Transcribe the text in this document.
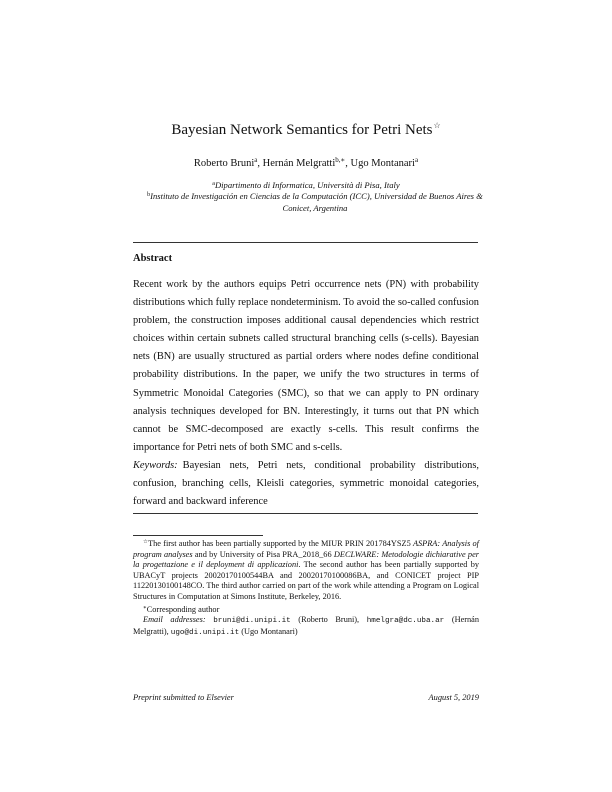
Bayesian Network Semantics for Petri Nets☆
Roberto Bruni$^a$, Hernán Melgratti$^{b,∗}$, Ugo Montanari$^a$
$^a$Dipartimento di Informatica, Università di Pisa, Italy
$^b$Instituto de Investigación en Ciencias de la Computación (ICC), Universidad de Buenos Aires & Conicet, Argentina
Abstract

Recent work by the authors equips Petri occurrence nets (PN) with probability distributions which fully replace nondeterminism. To avoid the so-called confusion problem, the construction imposes additional causal dependencies which restrict choices within certain subnets called structural branching cells (s-cells). Bayesian nets (BN) are usually structured as partial orders where nodes define conditional probability distributions. In the paper, we unify the two structures in terms of Symmetric Monoidal Categories (SMC), so that we can apply to PN ordinary analysis techniques developed for BN. Interestingly, it turns out that PN which cannot be SMC-decomposed are exactly s-cells. This result confirms the importance for Petri nets of both SMC and s-cells.

Keywords: Bayesian nets, Petri nets, conditional probability distributions, confusion, branching cells, Kleisli categories, symmetric monoidal categories, forward and backward inference

☆The first author has been partially supported by the MIUR PRIN 201784YSZ5 ASPRA: Analysis of program analyses and by University of Pisa PRA_2018_66 DECLWARE: Metodologie dichiarative per la progettazione e il deployment di applicazioni. The second author has been partially supported by UBACyT projects 20020170100544BA and 20020170100086BA, and CONICET project PIP 11220130100148CO. The third author carried on part of the work while attending a Program on Logical Structures in Computation at Simons Institute, Berkeley, 2016.

∗Corresponding author

Email addresses: bruni@di.unipi.it (Roberto Bruni), hmelgra@dc.uba.ar (Hernán Melgratti), ugo@di.unipi.it (Ugo Montanari)

Preprint submitted to Elsevier	August 5, 2019
